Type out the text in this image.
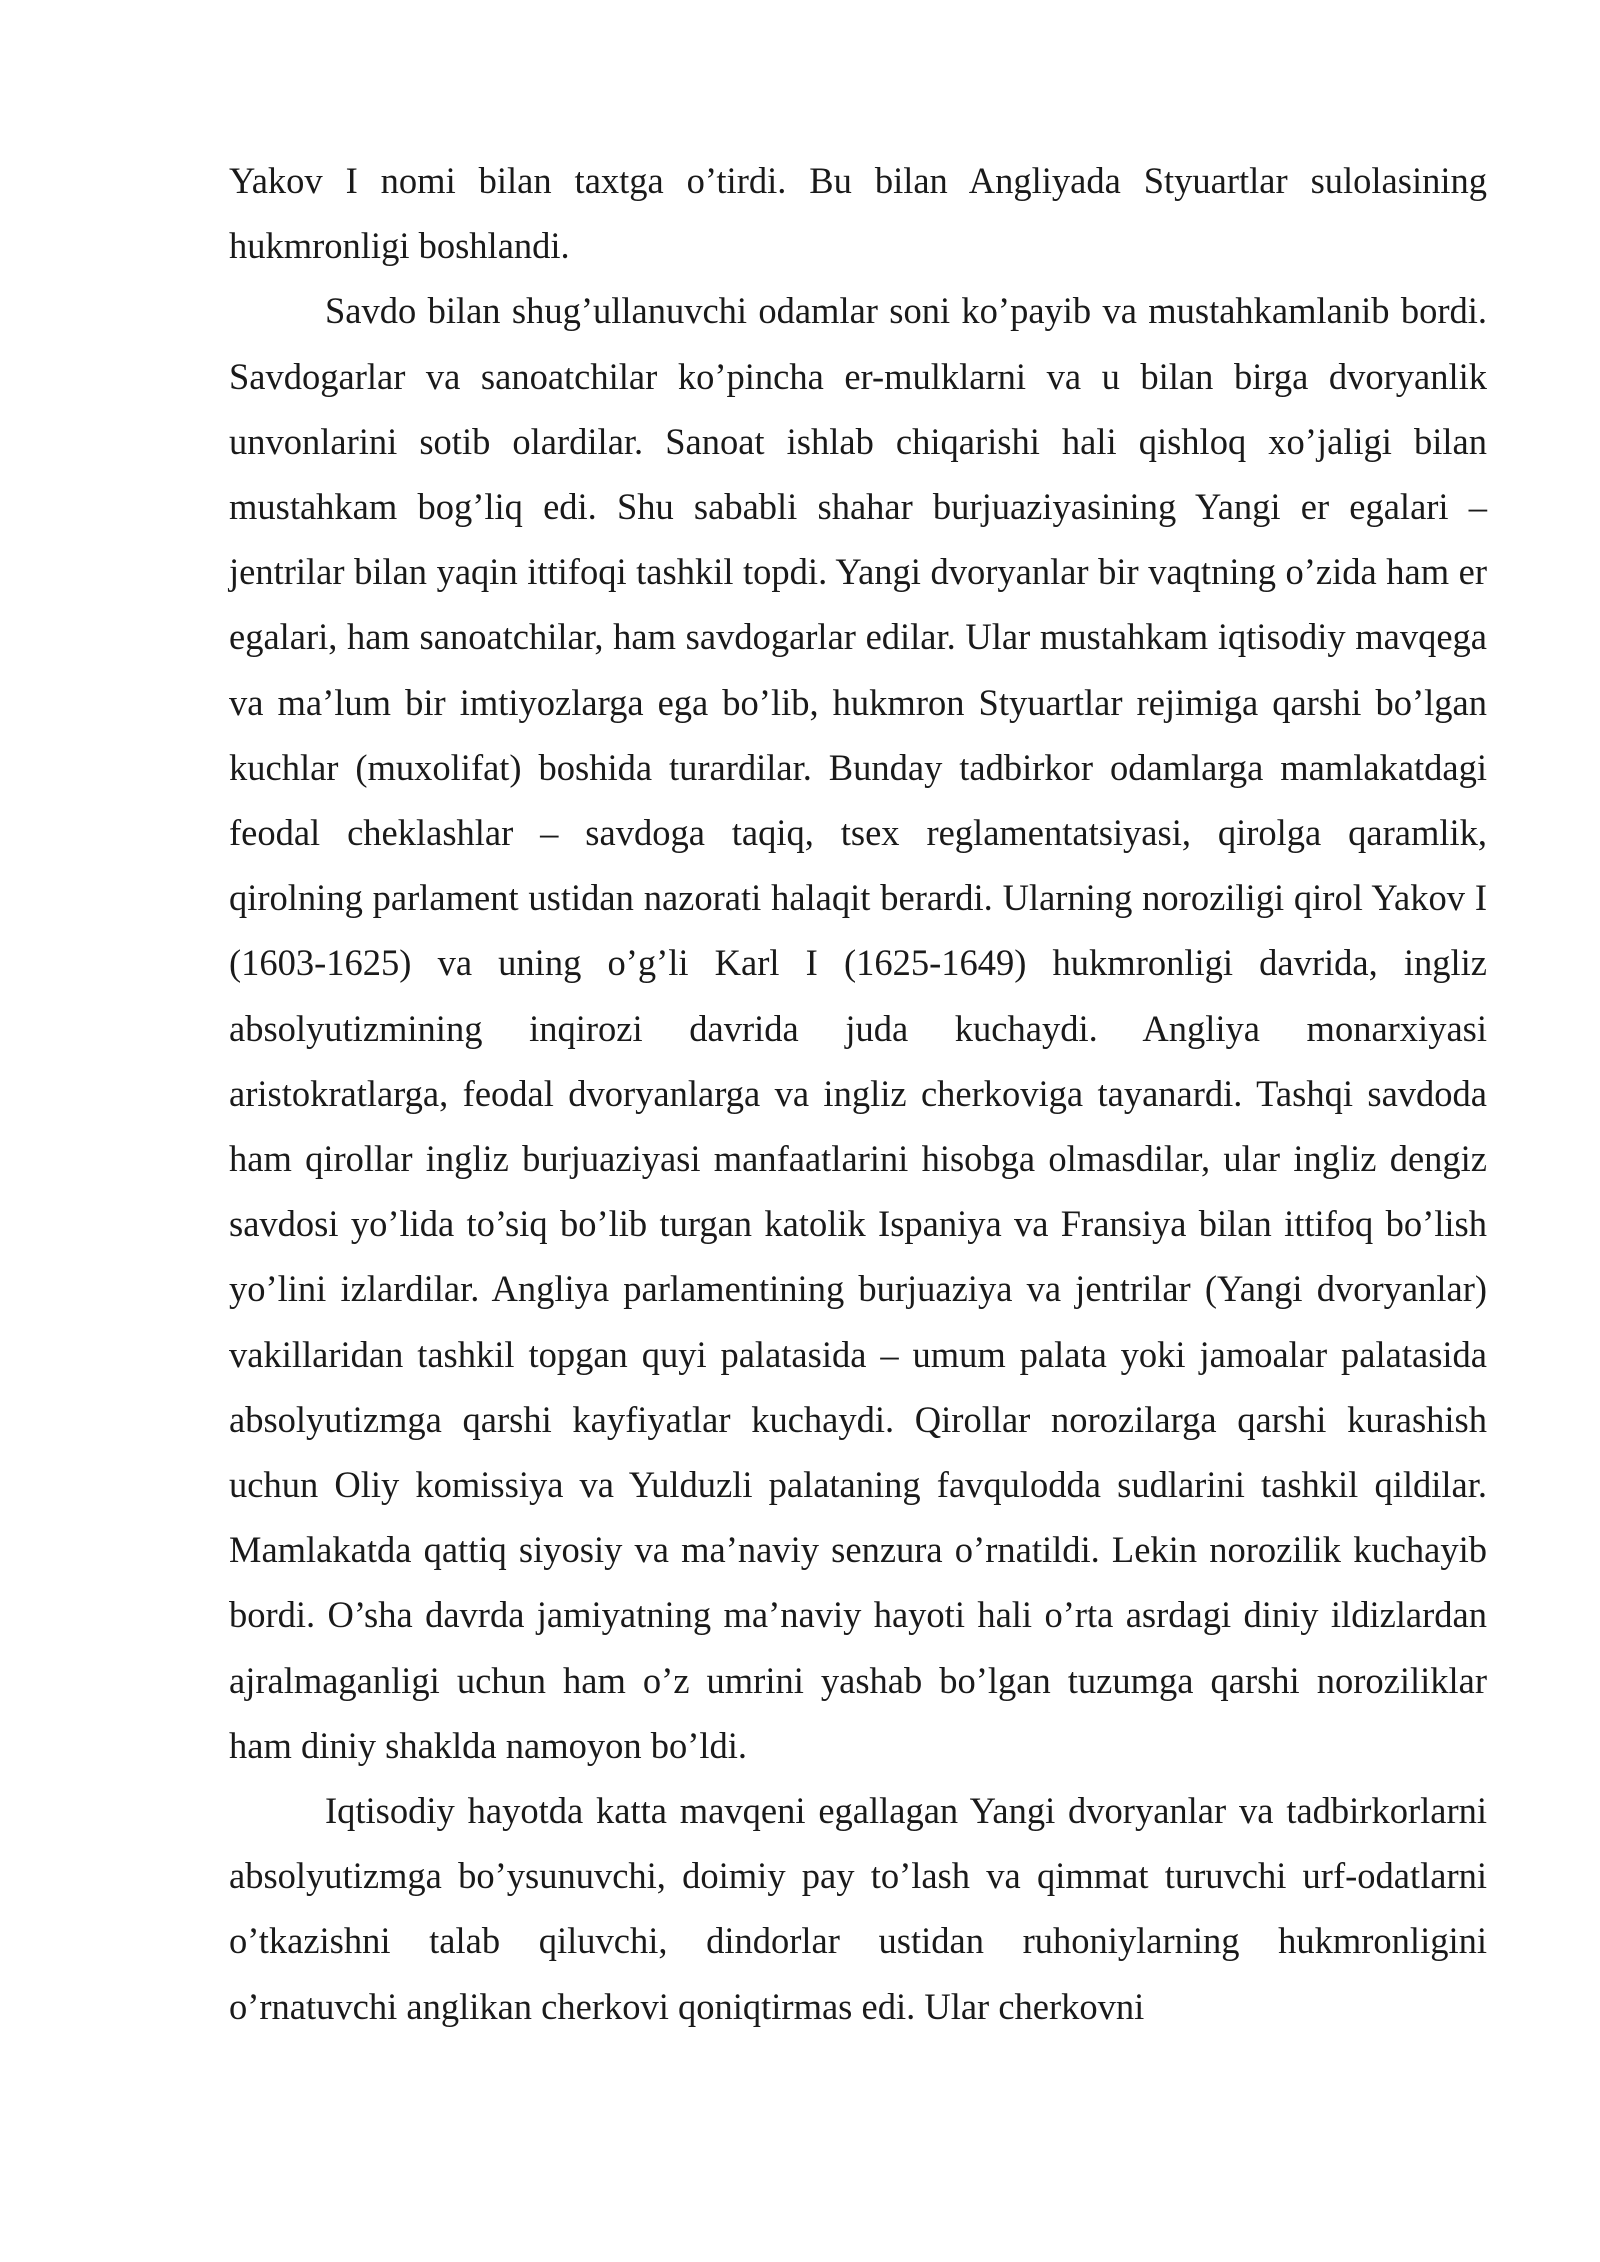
Yakov I nomi bilan taxtga o’tirdi. Bu bilan Angliyada Styuartlar sulolasining hukmronligi boshlandi.

Savdo bilan shug’ullanuvchi odamlar soni ko’payib va mustahkamlanib bordi. Savdogarlar va sanoatchilar ko’pincha er-mulklarni va u bilan birga dvoryanlik unvonlarini sotib olardilar. Sanoat ishlab chiqarishi hali qishloq xo’jaligi bilan mustahkam bog’liq edi. Shu sababli shahar burjuaziyasining Yangi er egalari – jentrilar bilan yaqin ittifoqi tashkil topdi. Yangi dvoryanlar bir vaqtning o’zida ham er egalari, ham sanoatchilar, ham savdogarlar edilar. Ular mustahkam iqtisodiy mavqega va ma’lum bir imtiyozlarga ega bo’lib, hukmron Styuartlar rejimiga qarshi bo’lgan kuchlar (muxolifat) boshida turardilar. Bunday tadbirkor odamlarga mamlakatdagi feodal cheklashlar – savdoga taqiq, tsex reglamentatsiyasi, qirolga qaramlik, qirolning parlament ustidan nazorati halaqit berardi. Ularning noroziligi qirol Yakov I (1603-1625) va uning o’g’li Karl I (1625-1649) hukmronligi davrida, ingliz absolyutizmining inqirozi davrida juda kuchaydi. Angliya monarxiyasi aristokratlarga, feodal dvoryanlarga va ingliz cherkoviga tayanardi. Tashqi savdoda ham qirollar ingliz burjuaziyasi manfaatlarini hisobga olmasdilar, ular ingliz dengiz savdosi yo’lida to’siq bo’lib turgan katolik Ispaniya va Fransiya bilan ittifoq bo’lish yo’lini izlardilar. Angliya parlamentining burjuaziya va jentrilar (Yangi dvoryanlar) vakillaridan tashkil topgan quyi palatasida – umum palata yoki jamoalar palatasida absolyutizmga qarshi kayfiyatlar kuchaydi. Qirollar norozilarga qarshi kurashish uchun Oliy komissiya va Yulduzli palataning favqulodda sudlarini tashkil qildilar. Mamlakatda qattiq siyosiy va ma’naviy senzura o’rnatildi. Lekin norozilik kuchayib bordi. O’sha davrda jamiyatning ma’naviy hayoti hali o’rta asrdagi diniy ildizlardan ajralmaganligi uchun ham o’z umrini yashab bo’lgan tuzumga qarshi noroziliklar ham diniy shaklda namoyon bo’ldi.

Iqtisodiy hayotda katta mavqeni egallagan Yangi dvoryanlar va tadbirkorlarni absolyutizmga bo’ysunuvchi, doimiy pay to’lash va qimmat turuvchi urf-odatlarni o’tkazishni talab qiluvchi, dindorlar ustidan ruhoniylarning hukmronligini o’rnatuvchi anglikan cherkovi qoniqtirmas edi. Ular cherkovni
